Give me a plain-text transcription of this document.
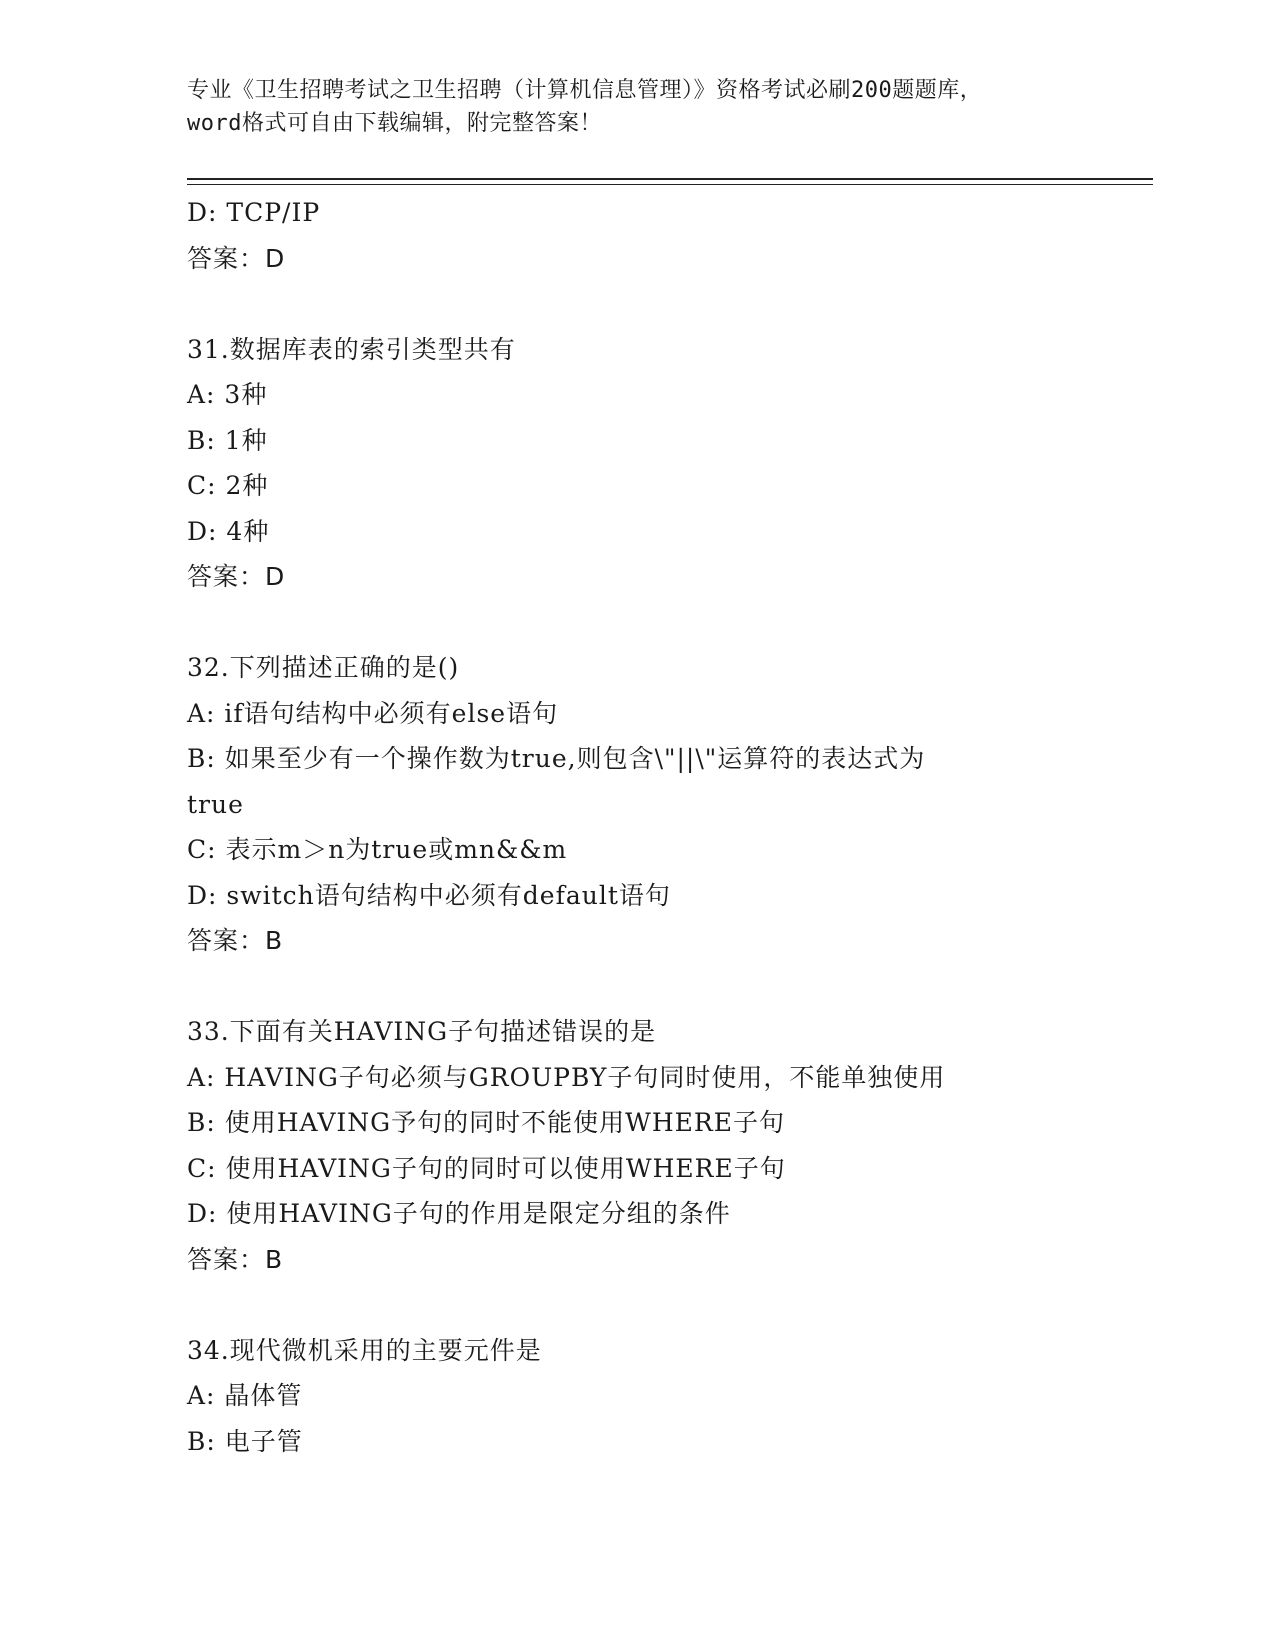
专业《卫生招聘考试之卫生招聘（计算机信息管理）》资格考试必刷200题题库，
word格式可自由下载编辑，附完整答案！
D: TCP/IP
答案：D
31.数据库表的索引类型共有
A: 3种
B: 1种
C: 2种
D: 4种
答案：D
32.下列描述正确的是()
A: if语句结构中必须有else语句
B: 如果至少有一个操作数为true,则包含\"||\"运算符的表达式为
true
C: 表示m＞n为true或mn&&m
D: switch语句结构中必须有default语句
答案：B
33.下面有关HAVING子句描述错误的是
A: HAVING子句必须与GROUPBY子句同时使用，不能单独使用
B: 使用HAVING予句的同时不能使用WHERE子句
C: 使用HAVING子句的同时可以使用WHERE子句
D: 使用HAVING子句的作用是限定分组的条件
答案：B
34.现代微机采用的主要元件是
A: 晶体管
B: 电子管
